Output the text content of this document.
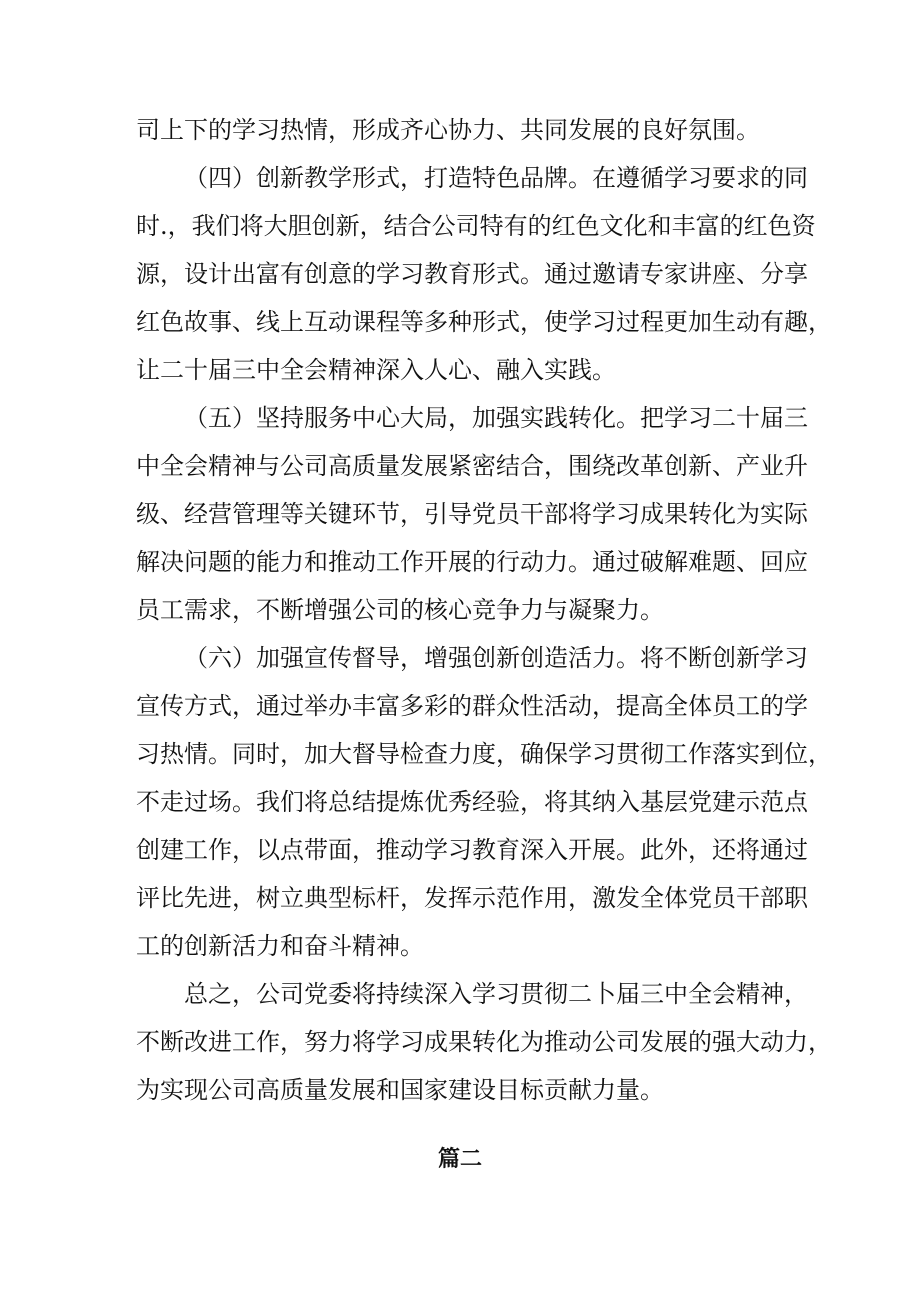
司上下的学习热情，形成齐心协力、共同发展的良好氛围。
（四）创新教学形式，打造特色品牌。在遵循学习要求的同
时.，我们将大胆创新，结合公司特有的红色文化和丰富的红色资
源，设计出富有创意的学习教育形式。通过邀请专家讲座、分享
红色故事、线上互动课程等多种形式，使学习过程更加生动有趣，
让二十届三中全会精神深入人心、融入实践。
（五）坚持服务中心大局，加强实践转化。把学习二十届三
中全会精神与公司高质量发展紧密结合，围绕改革创新、产业升
级、经营管理等关键环节，引导党员干部将学习成果转化为实际
解决问题的能力和推动工作开展的行动力。通过破解难题、回应
员工需求，不断增强公司的核心竞争力与凝聚力。
（六）加强宣传督导，增强创新创造活力。将不断创新学习
宣传方式，通过举办丰富多彩的群众性活动，提高全体员工的学
习热情。同时，加大督导检查力度，确保学习贯彻工作落实到位，
不走过场。我们将总结提炼优秀经验，将其纳入基层党建示范点
创建工作，以点带面，推动学习教育深入开展。此外，还将通过
评比先进，树立典型标杆，发挥示范作用，激发全体党员干部职
工的创新活力和奋斗精神。
总之，公司党委将持续深入学习贯彻二卜届三中全会精神，
不断改进工作，努力将学习成果转化为推动公司发展的强大动力，
为实现公司高质量发展和国家建设目标贡献力量。
篇二
